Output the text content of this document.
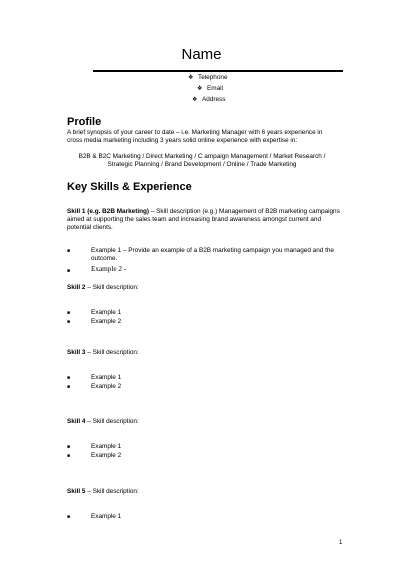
Name
❖ Telephone
❖ Email
❖ Address
Profile
A brief synopsis of your career to date – i.e. Marketing Manager with 6 years experience in
cross media marketing including 3 years solid online experience with expertise in:
B2B & B2C Marketing / Direct Marketing / C ampaign Management / Market Research /
Strategic Planning / Brand Development / Online / Trade Marketing
Key Skills & Experience
Skill 1 (e.g. B2B Marketing) – Skill description (e.g.) Management of B2B marketing campaigns
aimed at supporting the sales team and increasing brand awareness amongst current and
potential clients.
■	Example 1 – Provide an example of a B2B marketing campaign you managed and the
outcome.
■	Example 2 -
Skill 2 – Skill description:
■	Example 1
■	Example 2
Skill 3 – Skill description:
■	Example 1
■	Example 2
Skill 4 – Skill description:
■	Example 1
■	Example 2
Skill 5 – Skill description:
■	Example 1
1
